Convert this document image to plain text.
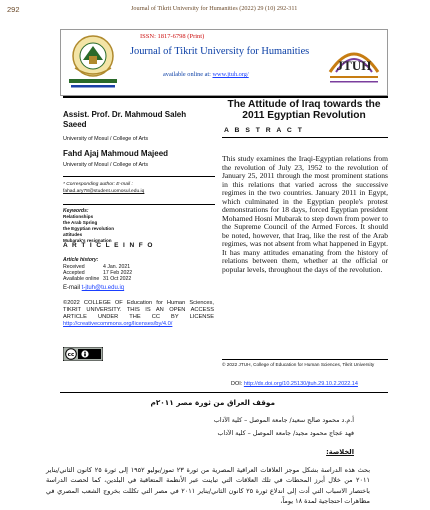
292	Journal of Tikrit University for Humanities (2022) 29 (10) 292-311
ISSN: 1817-6798 (Print)
Journal of Tikrit University for Humanities
available online at: www.jtuh.org/
JTUH
The Attitude of Iraq towards the
2011 Egyptian Revolution
A B S T R A C T
Assist. Prof. Dr. Mahmoud Saleh
Saeed
University of Mosul / College of Arts
Fahd Ajaj Mahmoud Majeed
University of Mosul / College of Arts
* Corresponding author: E-mail :
fahad.ary78@student.uomosul.edu.iq
Keywords:
Relationships
the Arab Spring
the Egyptian revolution
attitudes
Mubarak's resignation
A R T I C L E I N F O
Article history:
Received	4 Jan. 2021
Accepted	17 Feb 2022
Available online 31 Oct 2022
E-mail t-jtuh@tu.edu.iq
©2022 COLLEGE OF Education for Human Sciences, TIKRIT UNIVERSITY. THIS IS AN OPEN ACCESS ARTICLE UNDER THE CC BY LICENSE http://creativecommons.org/licenses/by/4.0/
cc
This study examines the Iraqi-Egyptian relations from the revolution of July 23, 1952 to the revolution of January 25, 2011 through the most prominent stations in this relations that varied across the successive regimes in the two countries. January 2011 in Egypt, which culminated in the Egyptian people's protest demonstrations for 18 days, forced Egyptian president Mohamed Hosni Mubarak to step down from power to the Supreme Council of the Armed Forces. It should be noted, however, that Iraq, like the rest of the Arab regimes, was not absent from what happened in Egypt. It has many attitudes emanating from the history of relations between them, whether at the official or popular levels, throughout the days of the revolution.
© 2022 JTUH, College of Education for Human Sciences, Tikrit University
DOI: http://dx.doi.org/10.25130/jtuh.29.10.2.2022.14
موقف العراق من ثورة مصر ٢٠١١م
أ.م.د محمود صالح سعيد/ جامعة الموصل – كلية الآداب
فهد عجاج محمود مجيد/ جامعة الموصل – كلية الآداب
الخلاصة:
بحث هذه الدراسة بشكل موجز العلاقات العراقية المصرية من ثورة ٢٣ تموز/يوليو ١٩٥٢ إلى ثورة ٢٥ كانون الثاني/يناير ٢٠١١ من خلال أبرز المحطات في تلك العلاقات التي تباينت عبر الأنظمة المتعاقبة في البلدين، كما لحصت الدراسة باختصار الاسباب التي أدت إلى اندلاع ثورة ٢٥ كانون الثاني/يناير ٢٠١١ في مصر التي تكللت بخروج الشعب المصري في مظاهرات احتجاجية لمدة ١٨ يوماً،
